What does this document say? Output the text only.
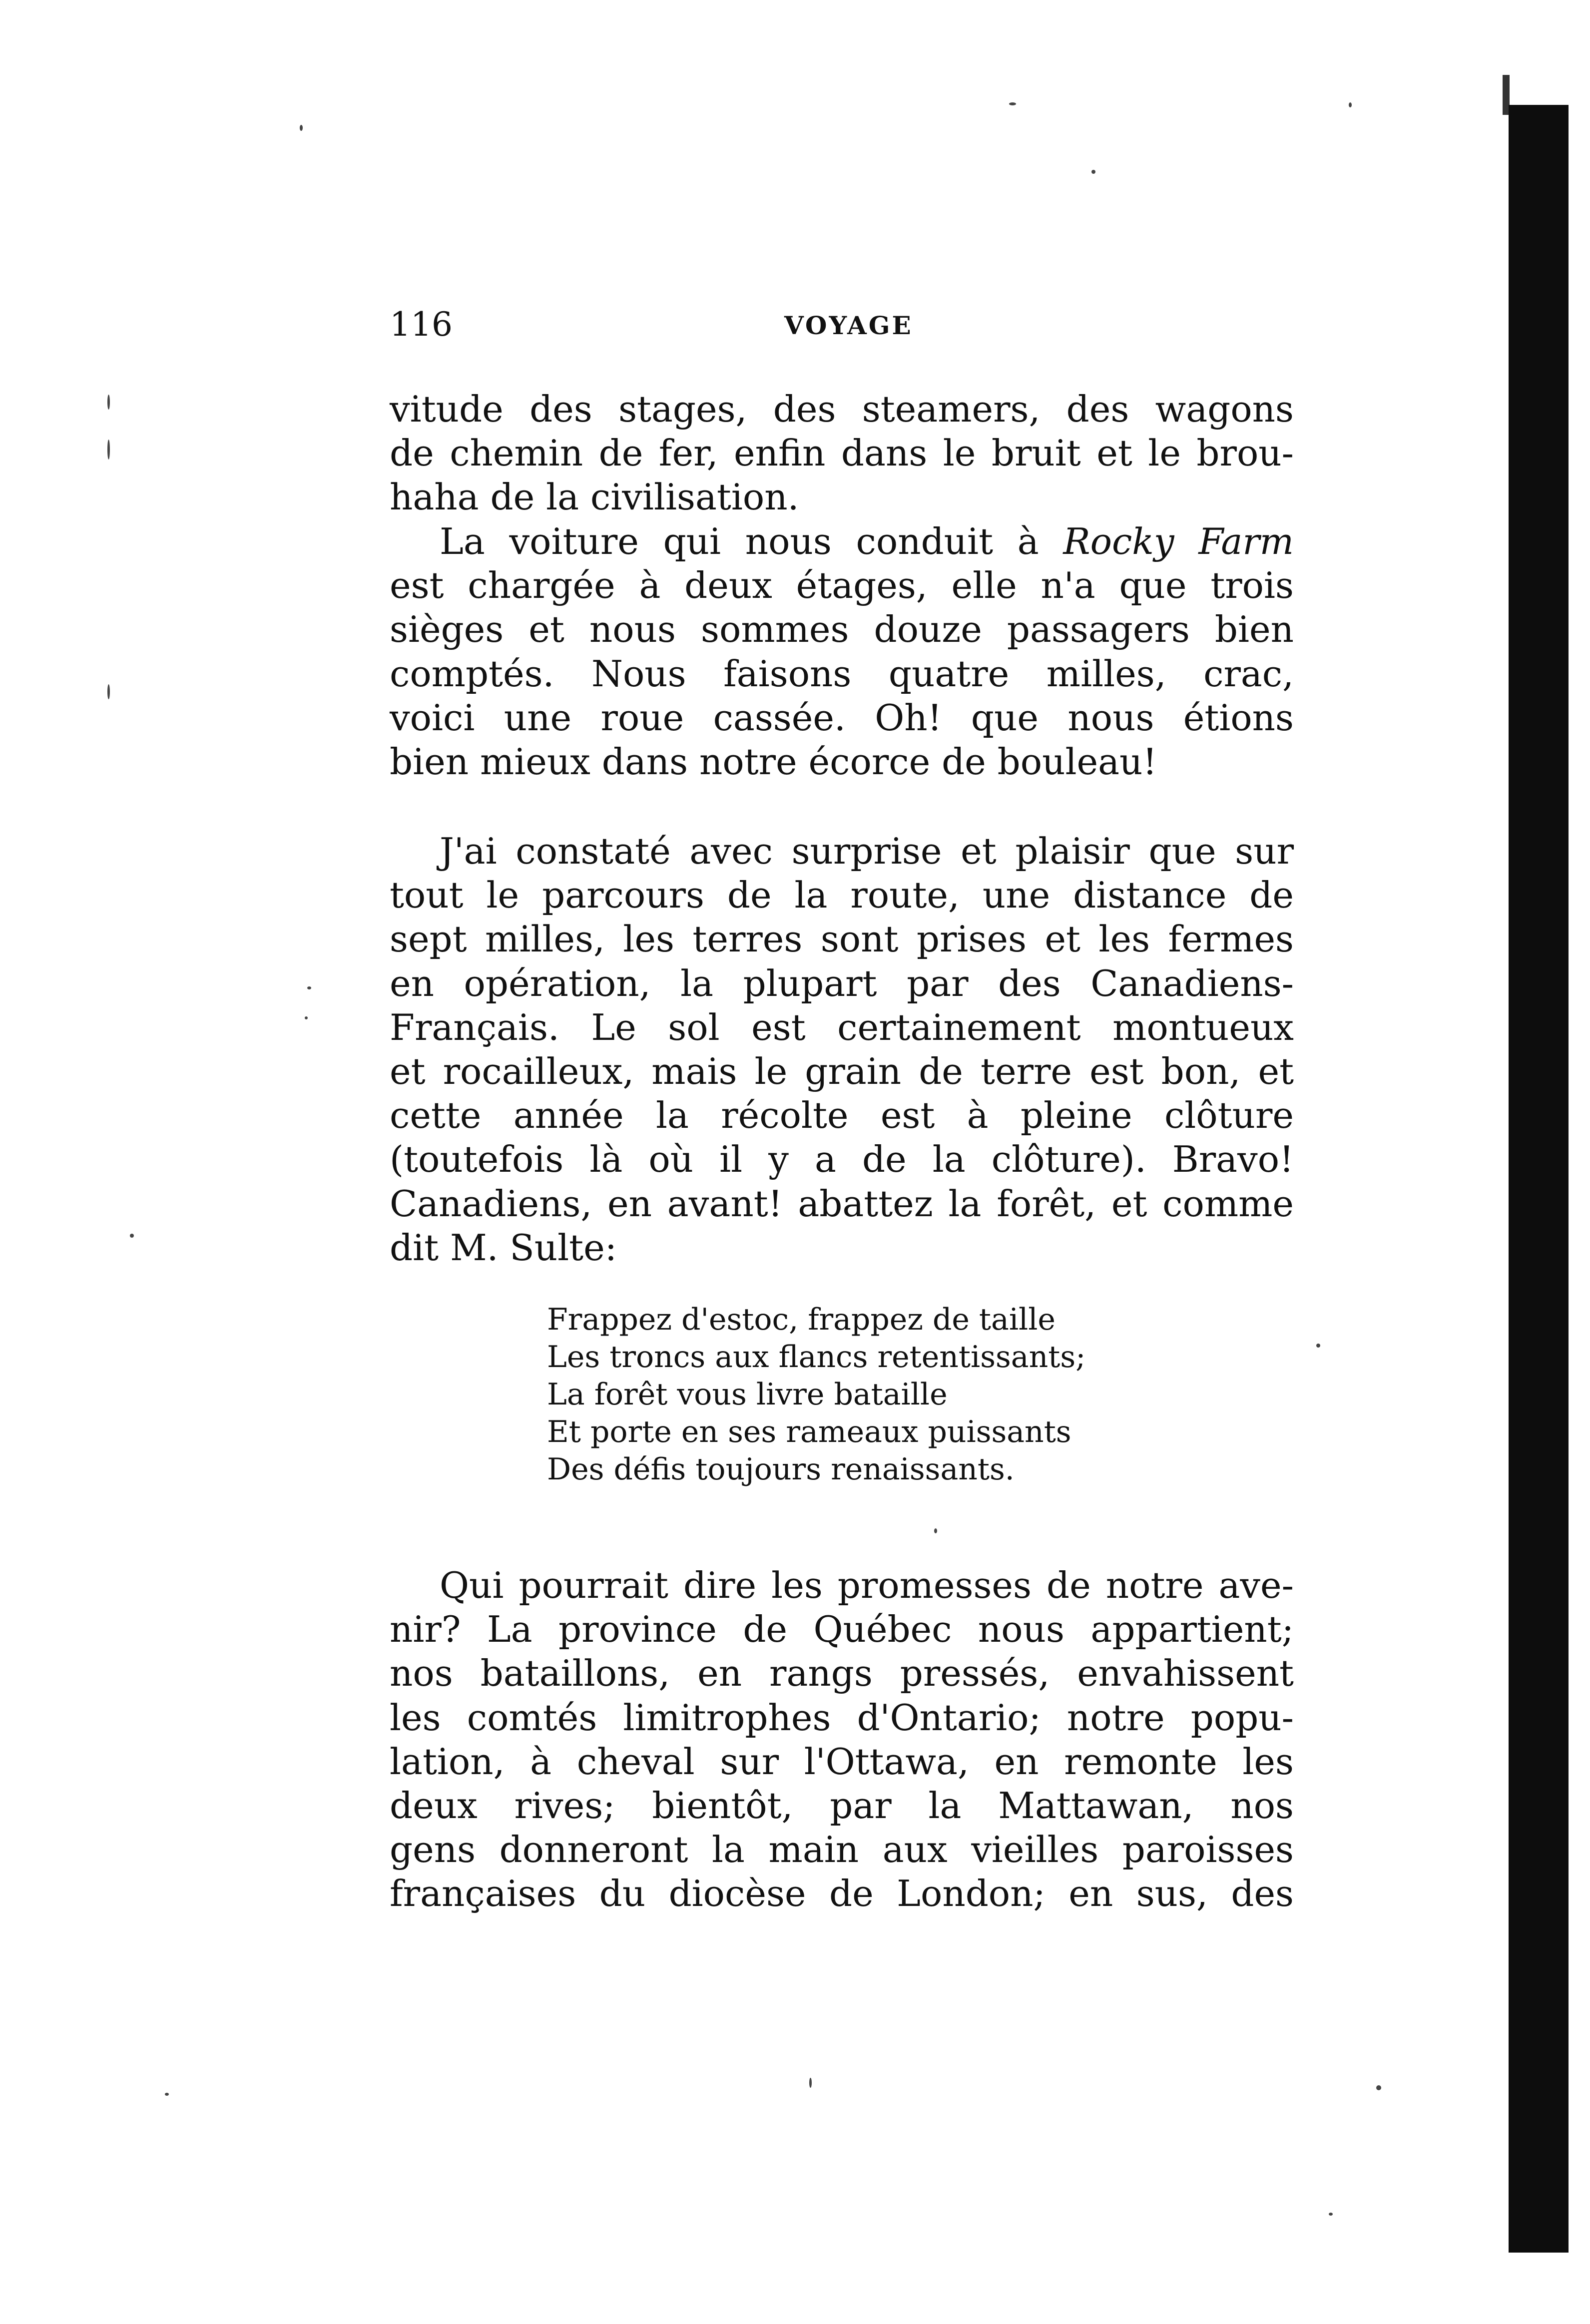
116	VOYAGE
vitude des stages, des steamers, des wagons
de chemin de fer, enfin dans le bruit et le brou-
haha de la civilisation.
La voiture qui nous conduit à Rocky Farm
est chargée à deux étages, elle n'a que trois
sièges et nous sommes douze passagers bien
comptés. Nous faisons quatre milles, crac,
voici une roue cassée. Oh! que nous étions
bien mieux dans notre écorce de bouleau!
J'ai constaté avec surprise et plaisir que sur
tout le parcours de la route, une distance de
sept milles, les terres sont prises et les fermes
en opération, la plupart par des Canadiens-
Français. Le sol est certainement montueux
et rocailleux, mais le grain de terre est bon, et
cette année la récolte est à pleine clôture
(toutefois là où il y a de la clôture). Bravo!
Canadiens, en avant! abattez la forêt, et comme
dit M. Sulte:
Frappez d'estoc, frappez de taille
Les troncs aux flancs retentissants;
La forêt vous livre bataille
Et porte en ses rameaux puissants
Des défis toujours renaissants.
Qui pourrait dire les promesses de notre ave-
nir? La province de Québec nous appartient;
nos bataillons, en rangs pressés, envahissent
les comtés limitrophes d'Ontario; notre popu-
lation, à cheval sur l'Ottawa, en remonte les
deux rives; bientôt, par la Mattawan, nos
gens donneront la main aux vieilles paroisses
françaises du diocèse de London; en sus, des
